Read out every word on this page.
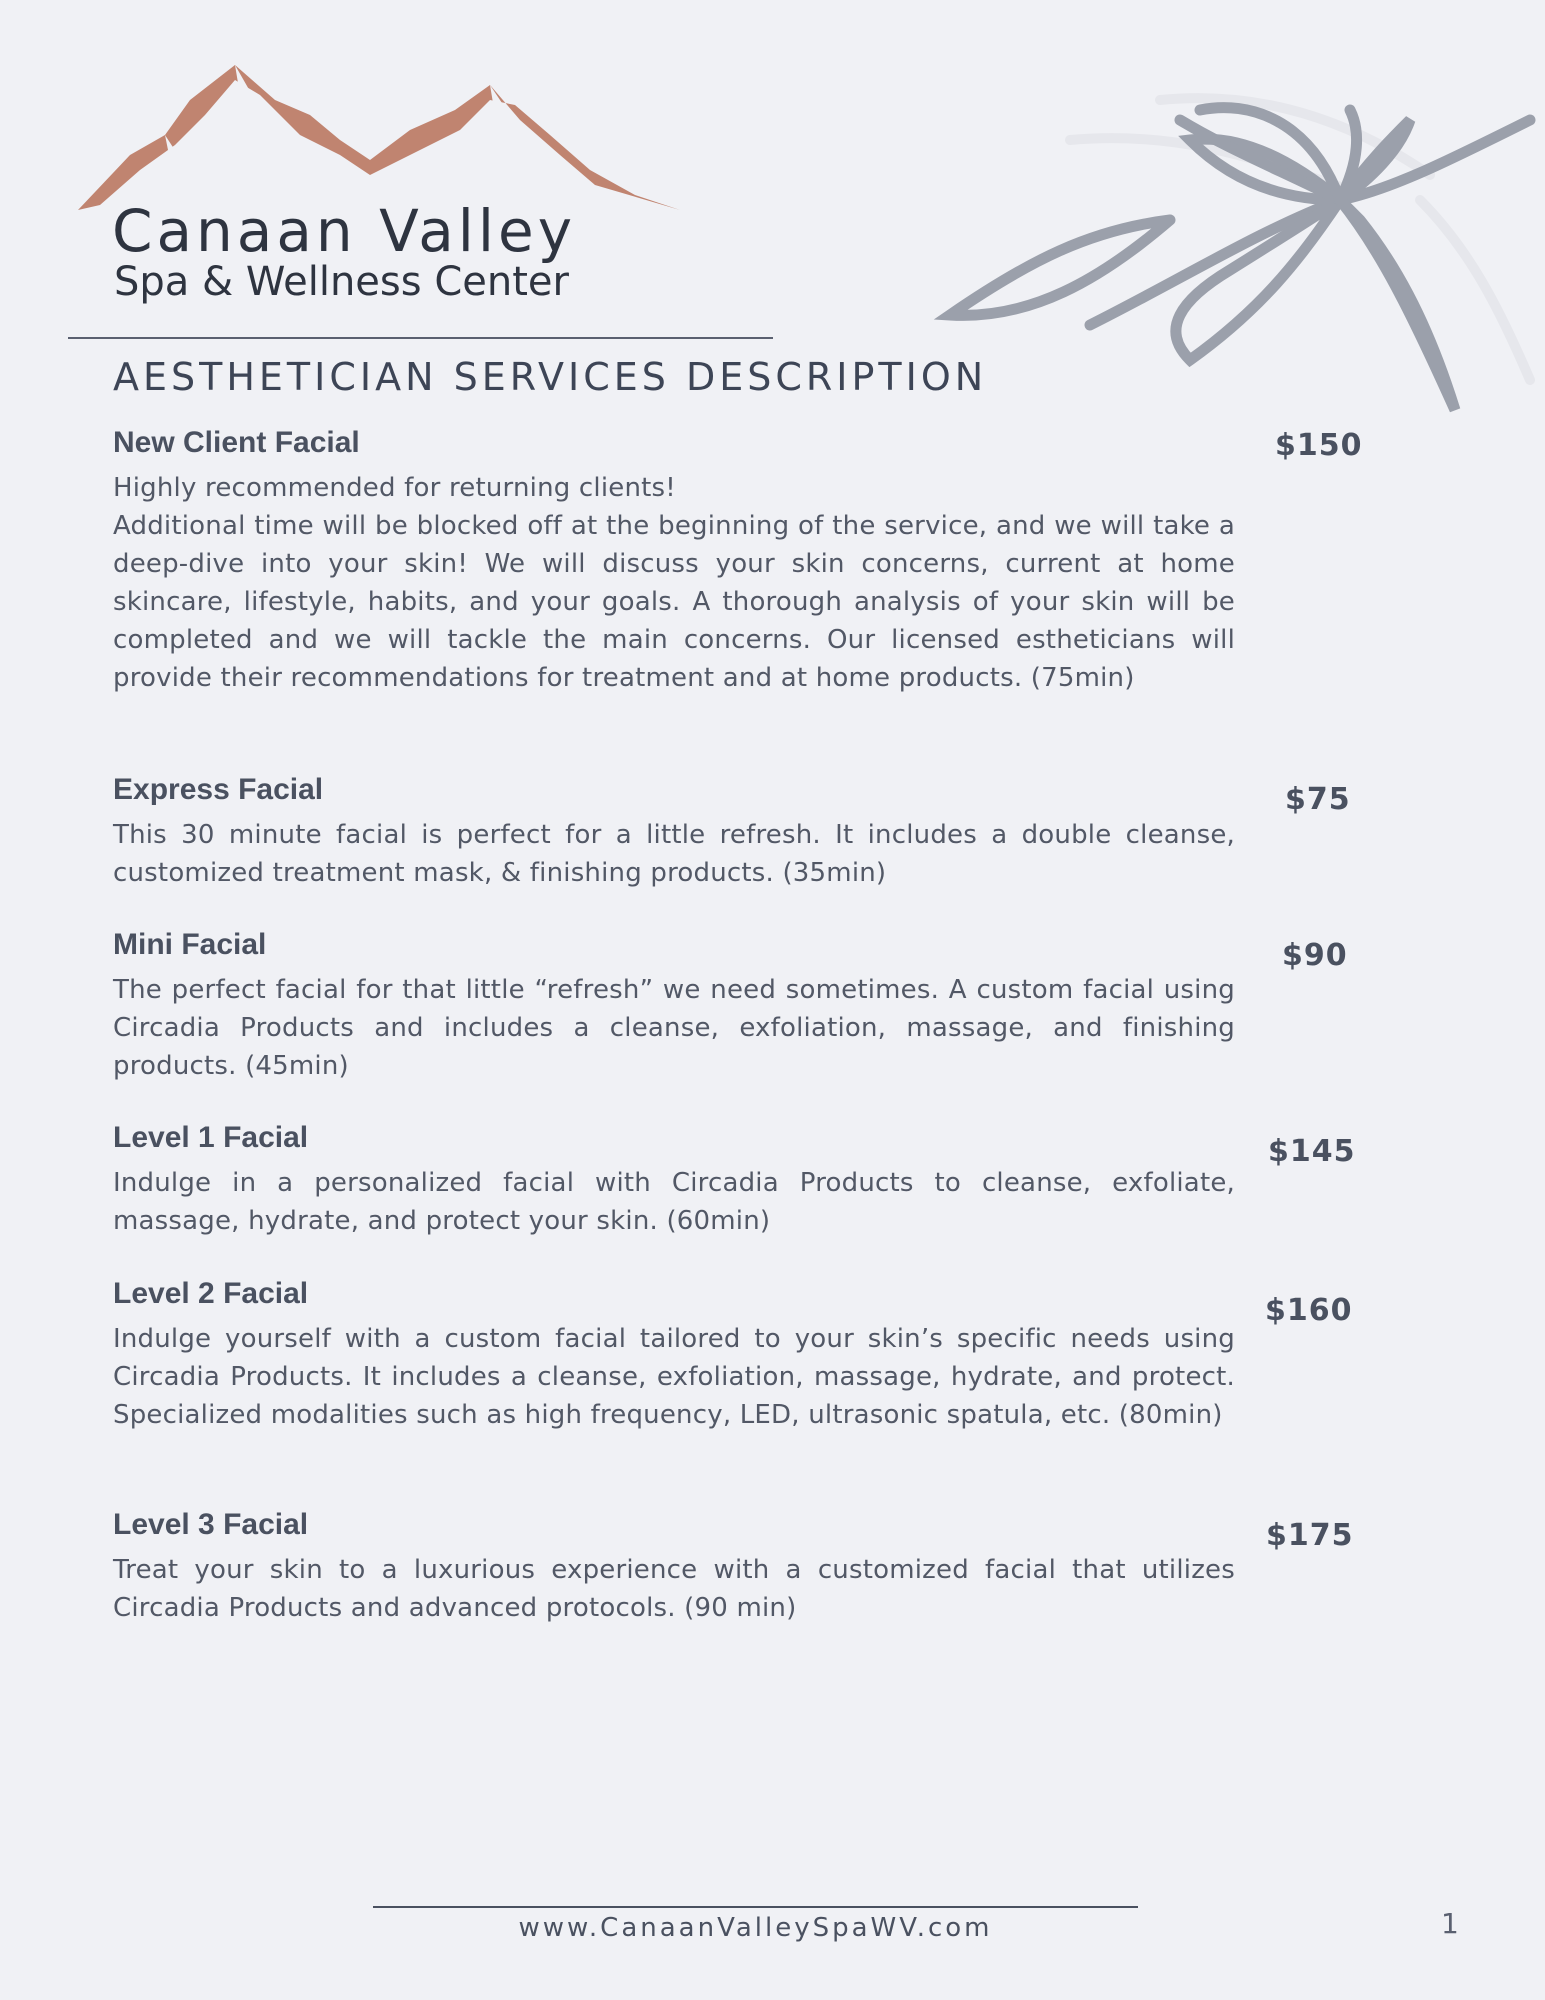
Canaan Valley
Spa & Wellness Center
AESTHETICIAN SERVICES DESCRIPTION
New Client Facial

Highly recommended for returning clients!

Additional time will be blocked off at the beginning of the service, and we will take a deep-dive into your skin! We will discuss your skin concerns, current at home skincare, lifestyle, habits, and your goals. A thorough analysis of your skin will be completed and we will tackle the main concerns. Our licensed estheticians will provide their recommendations for treatment and at home products. (75min)

$150
Express Facial

This 30 minute facial is perfect for a little refresh. It includes a double cleanse, customized treatment mask, & finishing products. (35min)

$75
Mini Facial

The perfect facial for that little “refresh” we need sometimes. A custom facial using Circadia Products and includes a cleanse, exfoliation, massage, and finishing products. (45min)

$90
Level 1 Facial

Indulge in a personalized facial with Circadia Products to cleanse, exfoliate, massage, hydrate, and protect your skin. (60min)

$145
Level 2 Facial

Indulge yourself with a custom facial tailored to your skin’s specific needs using Circadia Products. It includes a cleanse, exfoliation, massage, hydrate, and protect. Specialized modalities such as high frequency, LED, ultrasonic spatula, etc. (80min)

$160
Level 3 Facial

Treat your skin to a luxurious experience with a customized facial that utilizes Circadia Products and advanced protocols. (90 min)

$175
www.CanaanValleySpaWV.com	1
